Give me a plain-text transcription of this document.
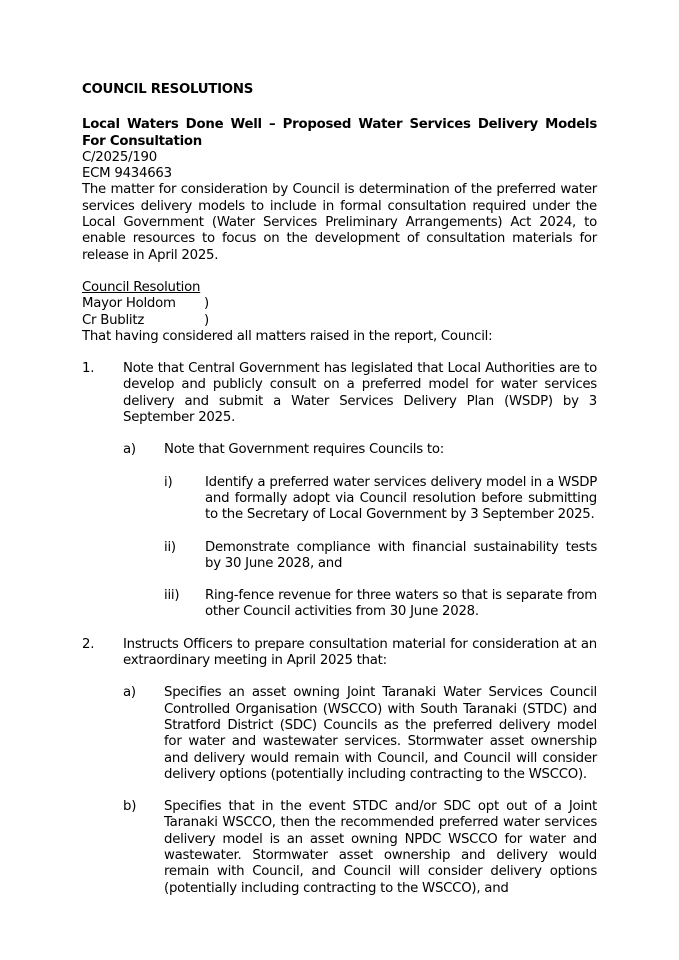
COUNCIL RESOLUTIONS
Local Waters Done Well – Proposed Water Services Delivery Models For Consultation

C/2025/190

ECM 9434663

The matter for consideration by Council is determination of the preferred water services delivery models to include in formal consultation required under the Local Government (Water Services Preliminary Arrangements) Act 2024, to enable resources to focus on the development of consultation materials for release in April 2025.

Council Resolution

Mayor Holdom	)
Cr Bublitz	)

That having considered all matters raised in the report, Council:

1.	Note that Central Government has legislated that Local Authorities are to develop and publicly consult on a preferred model for water services delivery and submit a Water Services Delivery Plan (WSDP) by 3 September 2025.
a)	Note that Government requires Councils to:
i)	Identify a preferred water services delivery model in a WSDP and formally adopt via Council resolution before submitting to the Secretary of Local Government by 3 September 2025.
ii)	Demonstrate compliance with financial sustainability tests by 30 June 2028, and
iii)	Ring-fence revenue for three waters so that is separate from other Council activities from 30 June 2028.
2.	Instructs Officers to prepare consultation material for consideration at an extraordinary meeting in April 2025 that:
a)	Specifies an asset owning Joint Taranaki Water Services Council Controlled Organisation (WSCCO) with South Taranaki (STDC) and Stratford District (SDC) Councils as the preferred delivery model for water and wastewater services. Stormwater asset ownership and delivery would remain with Council, and Council will consider delivery options (potentially including contracting to the WSCCO).
b)	Specifies that in the event STDC and/or SDC opt out of a Joint Taranaki WSCCO, then the recommended preferred water services delivery model is an asset owning NPDC WSCCO for water and wastewater. Stormwater asset ownership and delivery would remain with Council, and Council will consider delivery options (potentially including contracting to the WSCCO), and
